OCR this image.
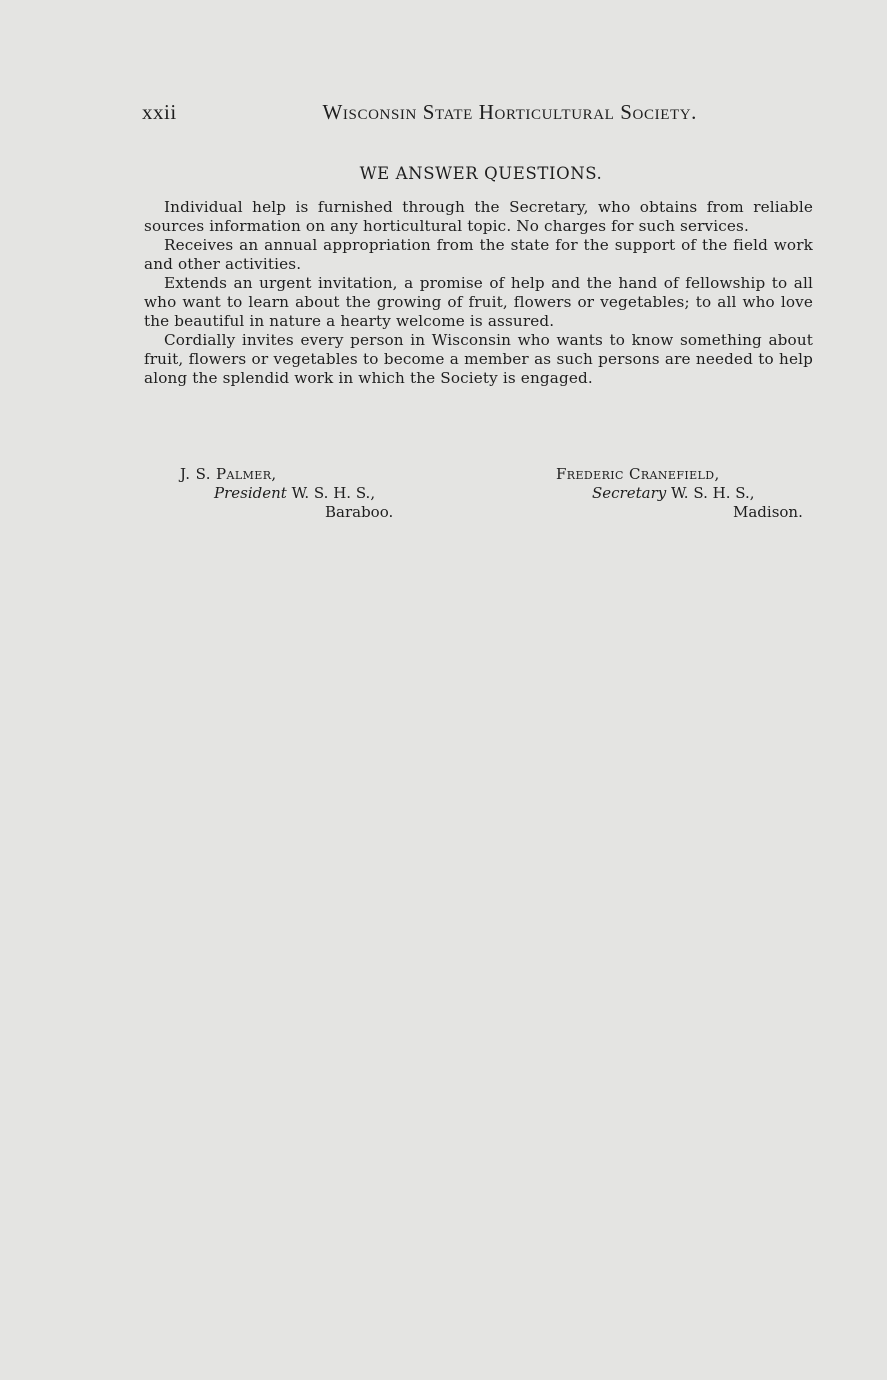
xxii	Wisconsin State Horticultural Society.
WE ANSWER QUESTIONS.

Individual help is furnished through the Secretary, who obtains from reliable sources information on any horticultural topic. No charges for such services.

Receives an annual appropriation from the state for the support of the field work and other activities.

Extends an urgent invitation, a promise of help and the hand of fellowship to all who want to learn about the growing of fruit, flowers or vegetables; to all who love the beautiful in nature a hearty welcome is assured.

Cordially invites every person in Wisconsin who wants to know something about fruit, flowers or vegetables to become a member as such persons are needed to help along the splendid work in which the Society is engaged.

J. S. Palmer,
President W. S. H. S.,
Baraboo.
Frederic Cranefield,
Secretary W. S. H. S.,
Madison.
